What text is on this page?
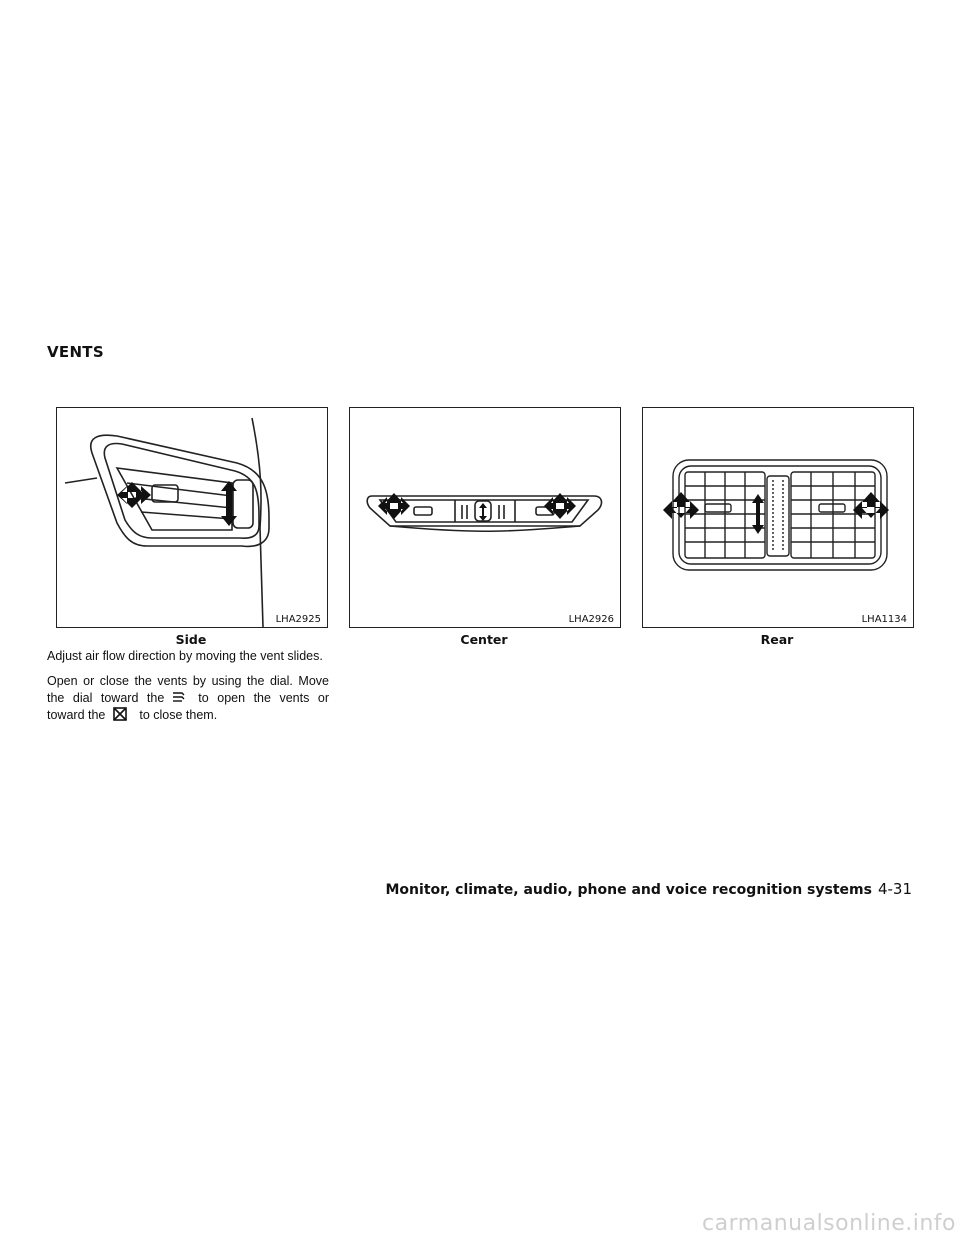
VENTS
LHA2925
Side
LHA2926
Center
LHA1134
Rear

Adjust air flow direction by moving the vent slides.

Open or close the vents by using the dial. Move the dial toward the	to open the vents or toward the	to close them.

Monitor, climate, audio, phone and voice recognition systems 4-31
carmanualsonline.info
